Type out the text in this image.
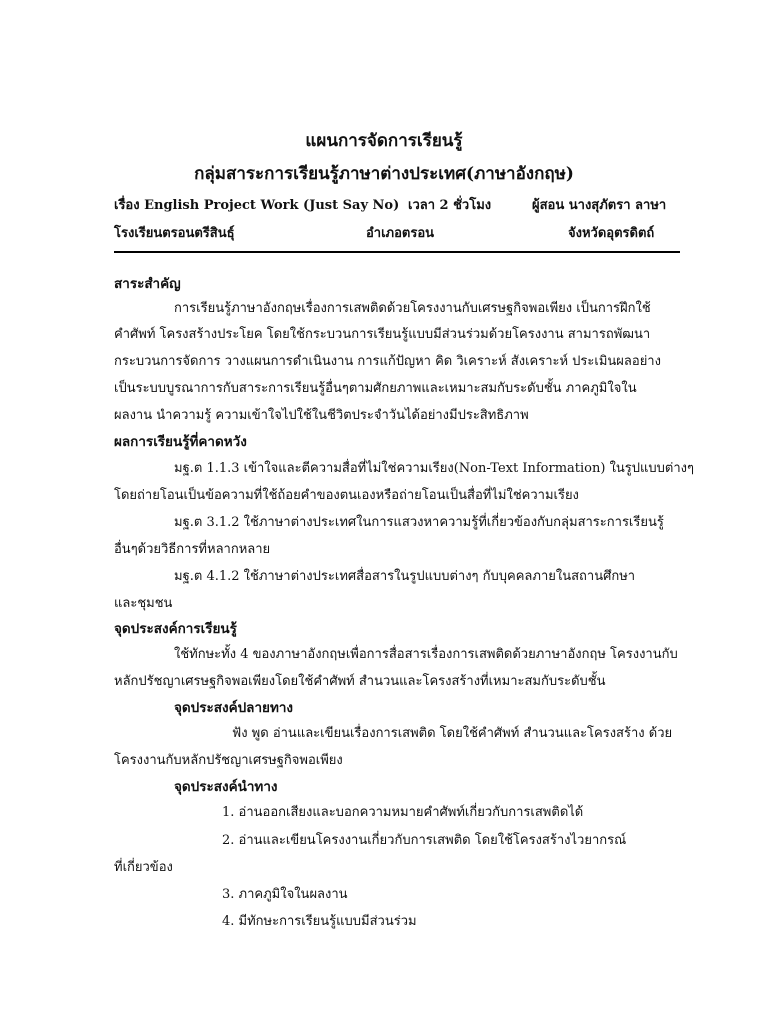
แผนการจัดการเรียนรู้
กลุ่มสาระการเรียนรู้ภาษาต่างประเทศ(ภาษาอังกฤษ)
เรื่อง English Project Work (Just Say No) เวลา 2 ชั่วโมง	ผู้สอน นางสุภัตรา ลาษา
โรงเรียนตรอนตรีสินธุ์	อำเภอตรอน	จังหวัดอุตรดิตถ์
สาระสำคัญ
การเรียนรู้ภาษาอังกฤษเรื่องการเสพติดด้วยโครงงานกับเศรษฐกิจพอเพียง เป็นการฝึกใช้
คำศัพท์ โครงสร้างประโยค โดยใช้กระบวนการเรียนรู้แบบมีส่วนร่วมด้วยโครงงาน สามารถพัฒนา
กระบวนการจัดการ วางแผนการดำเนินงาน การแก้ปัญหา คิด วิเคราะห์ สังเคราะห์ ประเมินผลอย่าง
เป็นระบบบูรณาการกับสาระการเรียนรู้อื่นๆตามศักยภาพและเหมาะสมกับระดับชั้น ภาคภูมิใจใน
ผลงาน นำความรู้ ความเข้าใจไปใช้ในชีวิตประจำวันได้อย่างมีประสิทธิภาพ
ผลการเรียนรู้ที่คาดหวัง
มฐ.ต 1.1.3 เข้าใจและตีความสื่อที่ไม่ใช่ความเรียง(Non-Text Information) ในรูปแบบต่างๆ
โดยถ่ายโอนเป็นข้อความที่ใช้ถ้อยคำของตนเองหรือถ่ายโอนเป็นสื่อที่ไม่ใช่ความเรียง
มฐ.ต 3.1.2 ใช้ภาษาต่างประเทศในการแสวงหาความรู้ที่เกี่ยวข้องกับกลุ่มสาระการเรียนรู้
อื่นๆด้วยวิธีการที่หลากหลาย
มฐ.ต 4.1.2 ใช้ภาษาต่างประเทศสื่อสารในรูปแบบต่างๆ กับบุคคลภายในสถานศึกษา
และชุมชน
จุดประสงค์การเรียนรู้
ใช้ทักษะทั้ง 4 ของภาษาอังกฤษเพื่อการสื่อสารเรื่องการเสพติดด้วยภาษาอังกฤษ โครงงานกับ
หลักปรัชญาเศรษฐกิจพอเพียงโดยใช้คำศัพท์ สำนวนและโครงสร้างที่เหมาะสมกับระดับชั้น
จุดประสงค์ปลายทาง
ฟัง พูด อ่านและเขียนเรื่องการเสพติด โดยใช้คำศัพท์ สำนวนและโครงสร้าง ด้วย
โครงงานกับหลักปรัชญาเศรษฐกิจพอเพียง
จุดประสงค์นำทาง
1. อ่านออกเสียงและบอกความหมายคำศัพท์เกี่ยวกับการเสพติดได้
2. อ่านและเขียนโครงงานเกี่ยวกับการเสพติด โดยใช้โครงสร้างไวยากรณ์
ที่เกี่ยวข้อง
3. ภาคภูมิใจในผลงาน
4. มีทักษะการเรียนรู้แบบมีส่วนร่วม
